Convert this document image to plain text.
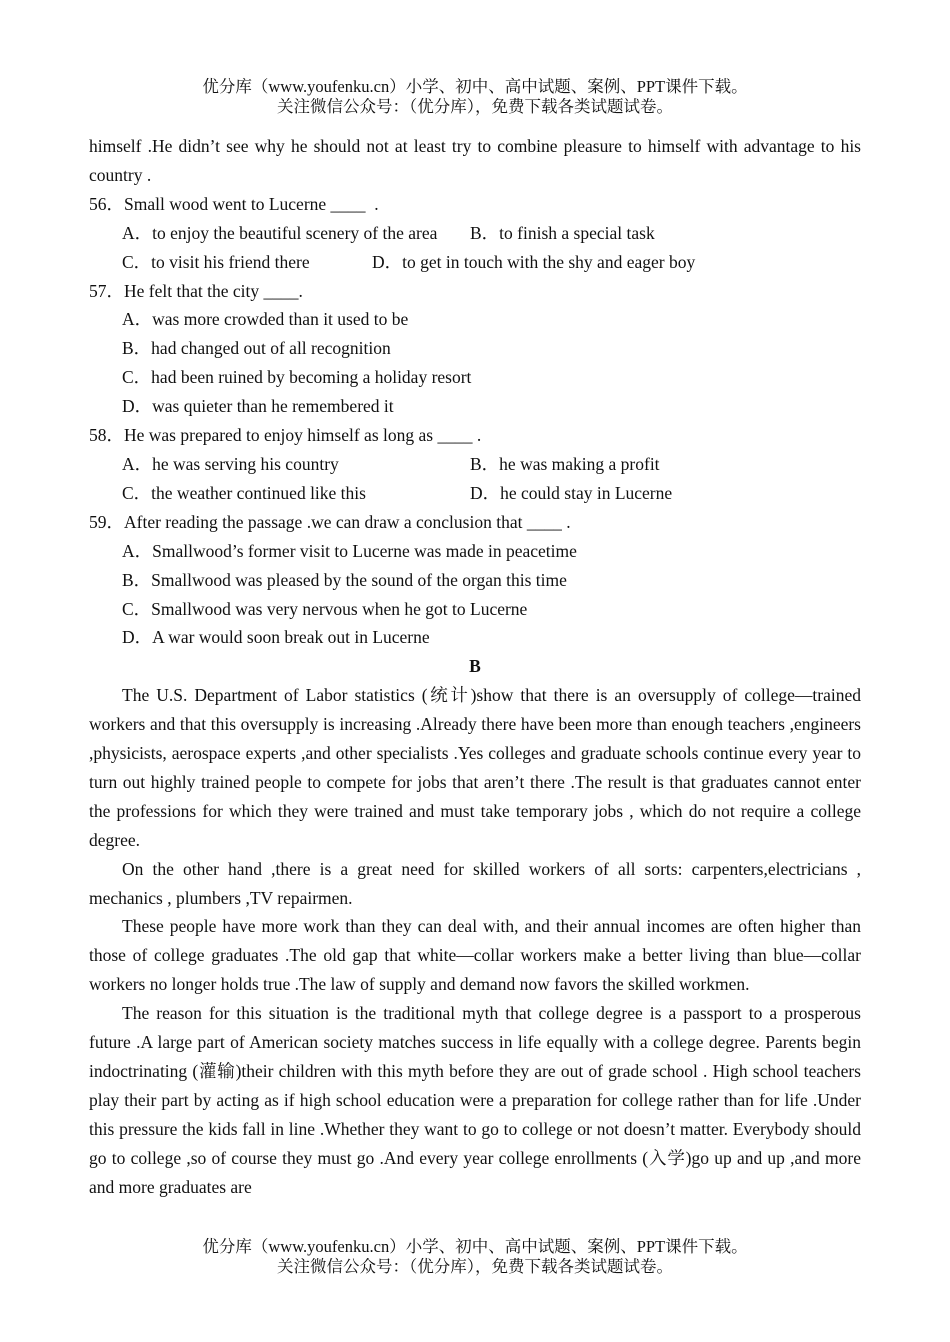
优分库（www.youfenku.cn）小学、初中、高中试题、案例、PPT课件下载。
关注微信公众号：（优分库），免费下载各类试题试卷。

himself .He didn’t see why he should not at least try to combine pleasure to himself with advantage to his country .

56．Small wood went to Lucerne ____  .

A．to enjoy the beautiful scenery of the area	B．to finish a special task
C．to visit his friend there	D．to get in touch with the shy and eager boy

57．He felt that the city ____.

A．was more crowded than it used to be

B．had changed out of all recognition

C．had been ruined by becoming a holiday resort

D．was quieter than he remembered it

58．He was prepared to enjoy himself as long as ____ .

A．he was serving his country	B．he was making a profit
C．the weather continued like this	D．he could stay in Lucerne

59．After reading the passage .we can draw a conclusion that ____ .

A．Smallwood’s former visit to Lucerne was made in peacetime

B．Smallwood was pleased by the sound of the organ this time

C．Smallwood was very nervous when he got to Lucerne

D．A war would soon break out in Lucerne

B

The U.S. Department of Labor statistics (统计)show that there is an oversupply of college—trained workers and that this oversupply is increasing .Already there have been more than enough teachers ,engineers ,physicists, aerospace experts ,and other specialists .Yes colleges and graduate schools continue every year to turn out highly trained people to compete for jobs that aren’t there .The result is that graduates cannot enter the professions for which they were trained and must take temporary jobs , which do not require a college degree.

On the other hand ,there is a great need for skilled workers of all sorts: carpenters,electricians , mechanics , plumbers ,TV repairmen.

These people have more work than they can deal with, and their annual incomes are often higher than those of college graduates .The old gap that white—collar workers make a better living than blue—collar workers no longer holds true .The law of supply and demand now favors the skilled workmen.

The reason for this situation is the traditional myth that college degree is a passport to a prosperous future .A large part of American society matches success in life equally with a college degree. Parents begin indoctrinating (灌输)their children with this myth before they are out of grade school . High school teachers play their part by acting as if high school education were a preparation for college rather than for life .Under this pressure the kids fall in line .Whether they want to go to college or not doesn’t matter. Everybody should go to college ,so of course they must go .And every year college enrollments (入学)go up and up ,and more and more graduates are

优分库（www.youfenku.cn）小学、初中、高中试题、案例、PPT课件下载。
关注微信公众号：（优分库），免费下载各类试题试卷。
